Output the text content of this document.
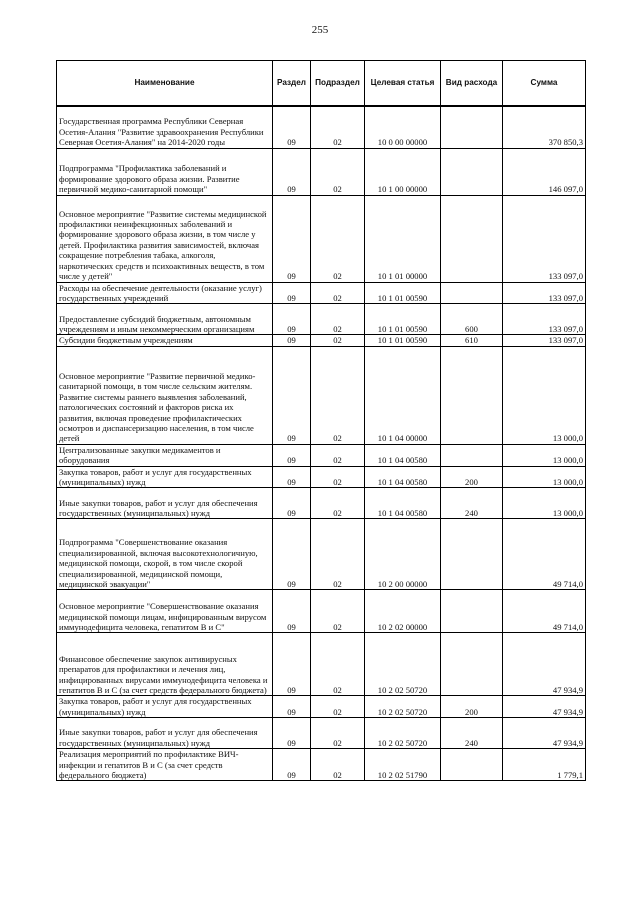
255
Наименование	Раздел	Подраздел	Целевая статья	Вид расхода	Сумма
Государственная программа Республики Северная Осетия-Алания "Развитие здравоохранения Республики Северная Осетия-Алания" на 2014-2020 годы	09	02	10 0 00 00000		370 850,3
Подпрограмма "Профилактика заболеваний и формирование здорового образа жизни. Развитие первичной медико-санитарной помощи"	09	02	10 1 00 00000		146 097,0
Основное мероприятие "Развитие системы медицинской профилактики неинфекционных заболеваний и формирование здорового образа жизни, в том числе у детей. Профилактика развития зависимостей, включая сокращение потребления табака, алкоголя, наркотических средств и психоактивных веществ, в том числе у детей"	09	02	10 1 01 00000		133 097,0
Расходы на обеспечение деятельности (оказание услуг) государственных учреждений	09	02	10 1 01 00590		133 097,0
Предоставление субсидий бюджетным, автономным учреждениям и иным некоммерческим организациям	09	02	10 1 01 00590	600	133 097,0
Субсидии бюджетным учреждениям	09	02	10 1 01 00590	610	133 097,0
Основное мероприятие "Развитие первичной медико-санитарной помощи, в том числе сельским жителям. Развитие системы раннего выявления заболеваний, патологических состояний и факторов риска их развития, включая проведение профилактических осмотров и диспансеризацию населения, в том числе детей	09	02	10 1 04 00000		13 000,0
Централизованные закупки медикаментов и оборудования	09	02	10 1 04 00580		13 000,0
Закупка товаров, работ и услуг для государственных (муниципальных) нужд	09	02	10 1 04 00580	200	13 000,0
Иные закупки товаров, работ и услуг для обеспечения государственных (муниципальных) нужд	09	02	10 1 04 00580	240	13 000,0
Подпрограмма "Совершенствование оказания специализированной, включая высокотехнологичную, медицинской помощи, скорой, в том числе скорой специализированной, медицинской помощи, медицинской эвакуации"	09	02	10 2 00 00000		49 714,0
Основное мероприятие "Совершенствование оказания медицинской помощи лицам, инфицированным вирусом иммунодефицита человека, гепатитом В и С"	09	02	10 2 02 00000		49 714,0
Финансовое обеспечение закупок антивирусных препаратов для профилактики и лечения лиц, инфицированных вирусами иммунодефицита человека и гепатитов В и С (за счет средств федерального бюджета)	09	02	10 2 02 50720		47 934,9
Закупка товаров, работ и услуг для государственных (муниципальных) нужд	09	02	10 2 02 50720	200	47 934,9
Иные закупки товаров, работ и услуг для обеспечения государственных (муниципальных) нужд	09	02	10 2 02 50720	240	47 934,9
Реализация мероприятий по профилактике ВИЧ-инфекции и гепатитов В и С (за счет средств федерального бюджета)	09	02	10 2 02 51790		1 779,1
